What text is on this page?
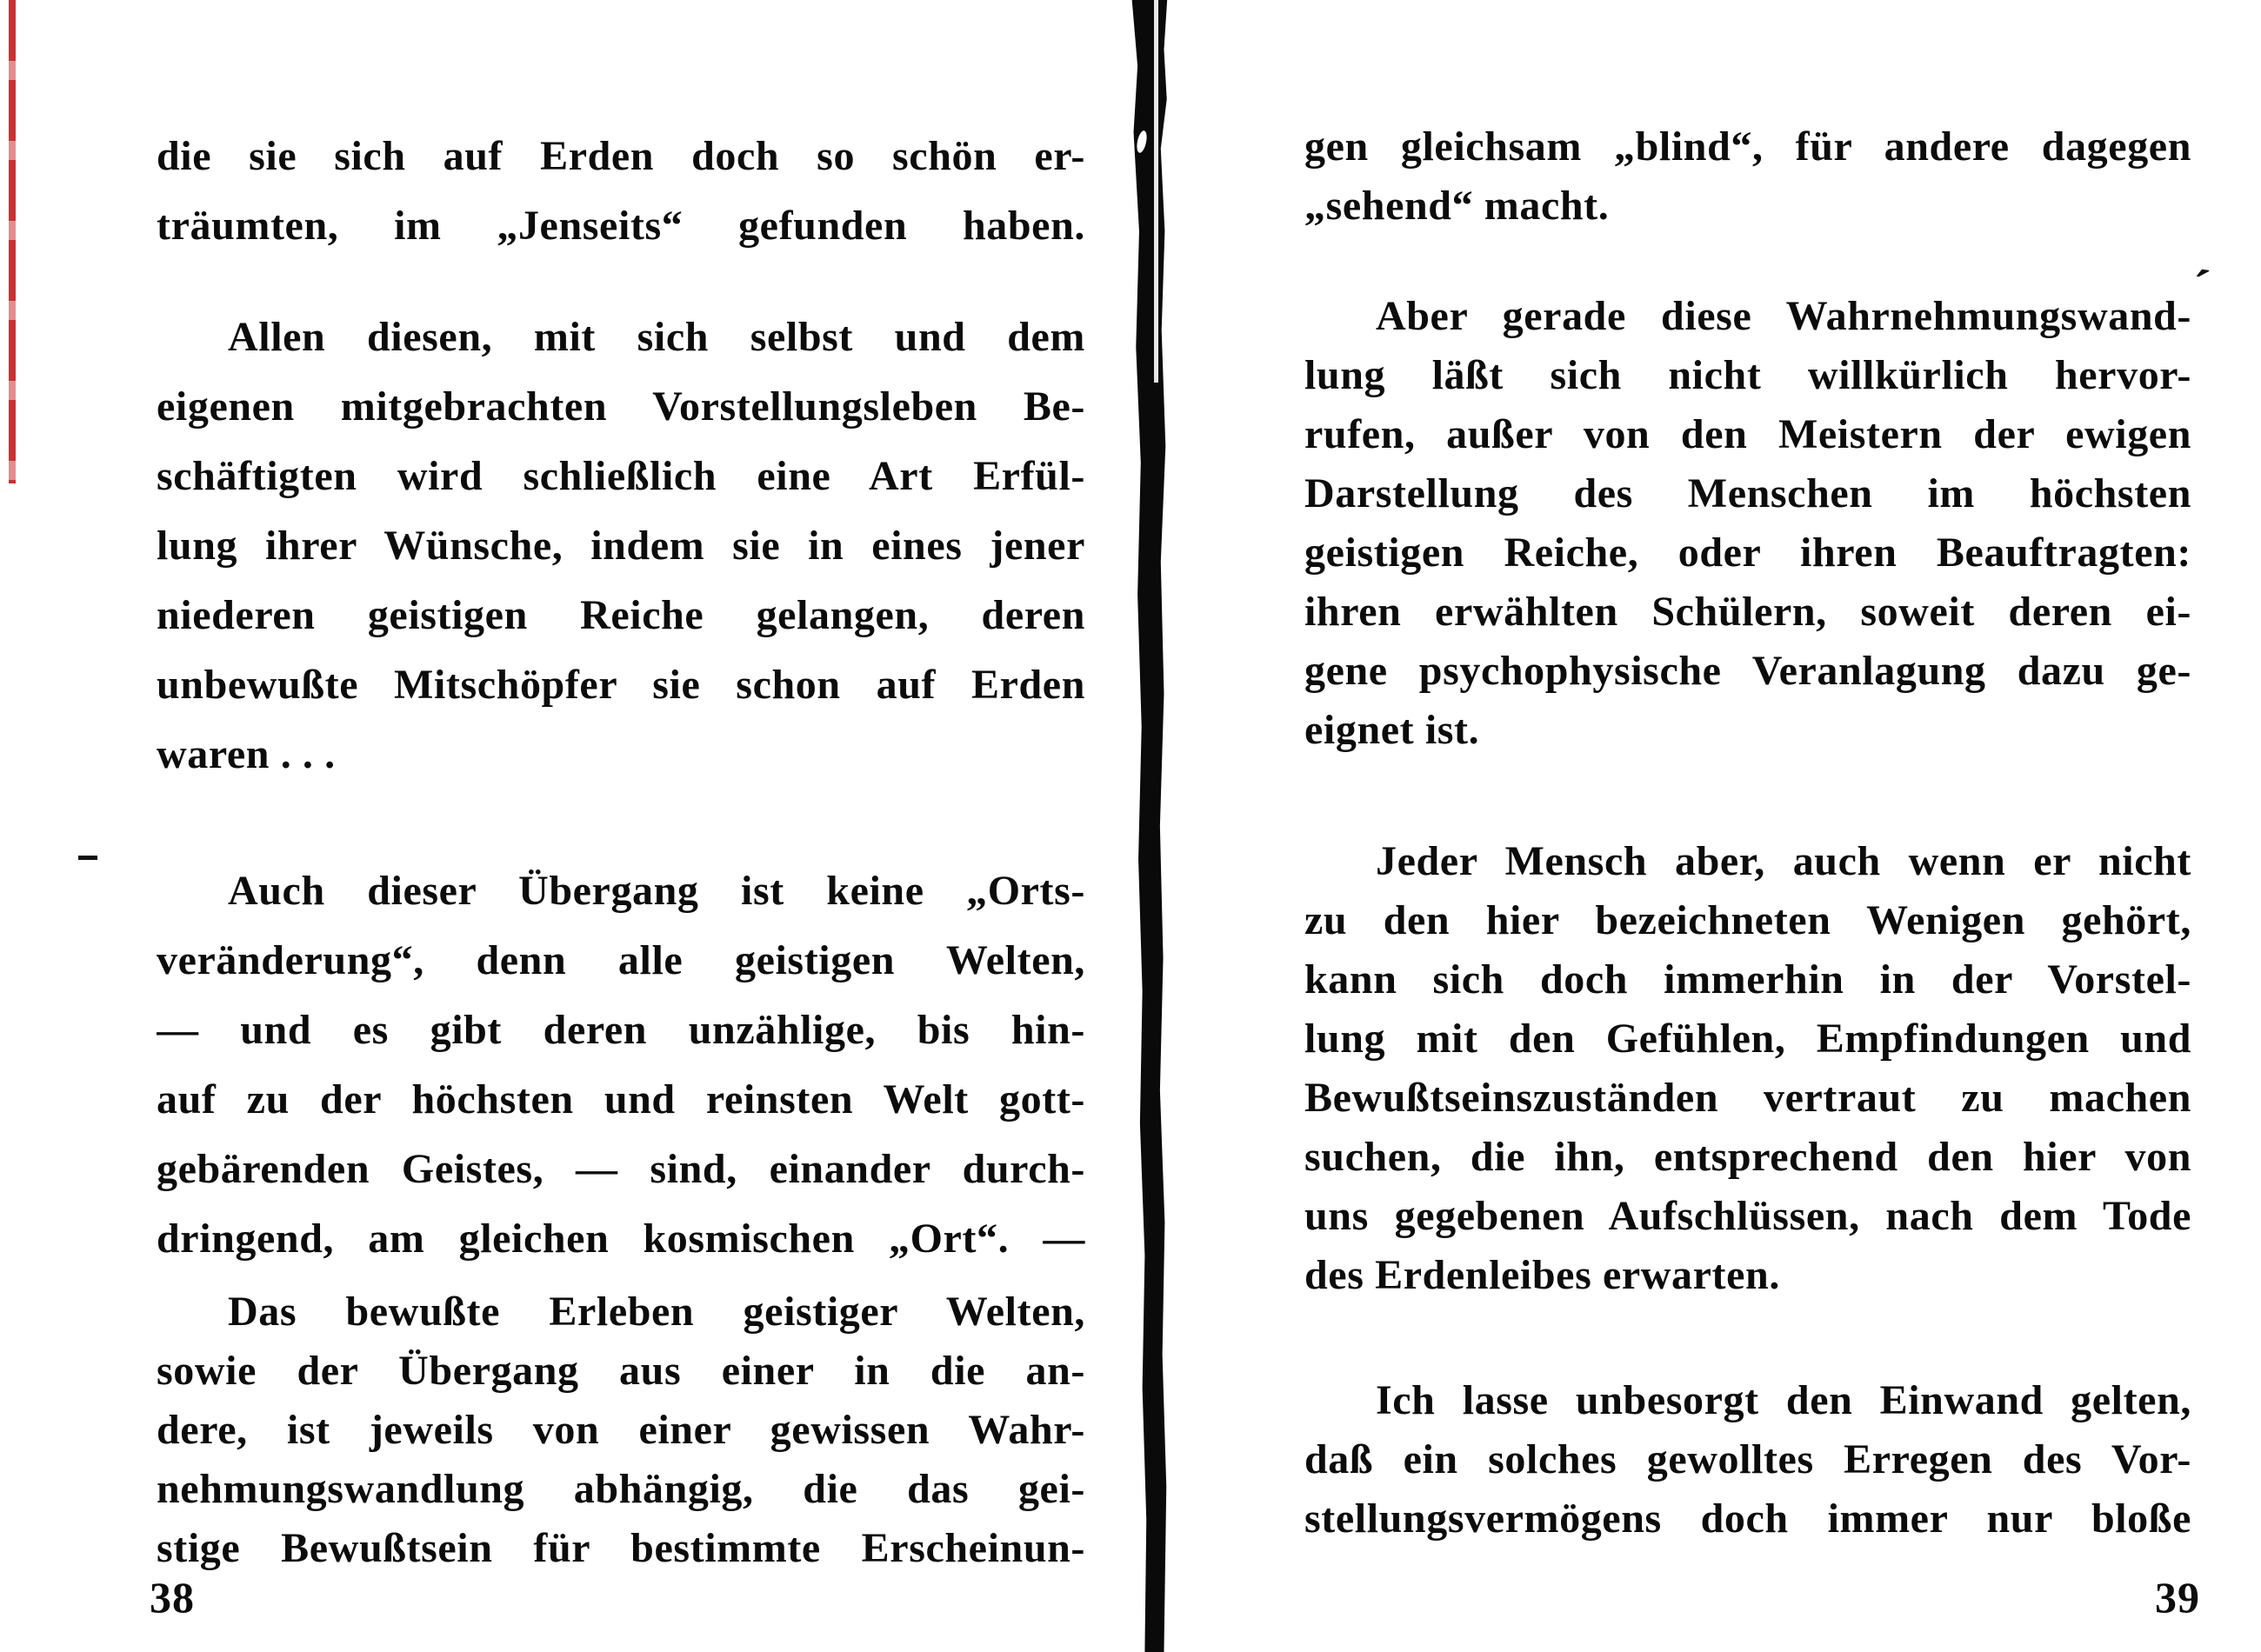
die sie sich auf Erden doch so schön er-
träumten, im „Jenseits“ gefunden haben.
Allen diesen, mit sich selbst und dem
eigenen mitgebrachten Vorstellungsleben Be-
schäftigten wird schließlich eine Art Erfül-
lung ihrer Wünsche, indem sie in eines jener
niederen geistigen Reiche gelangen, deren
unbewußte Mitschöpfer sie schon auf Erden
waren . . .
Auch dieser Übergang ist keine „Orts-
veränderung“, denn alle geistigen Welten,
— und es gibt deren unzählige, bis hin-
auf zu der höchsten und reinsten Welt gott-
gebärenden Geistes, — sind, einander durch-
dringend, am gleichen kosmischen „Ort“. —
Das bewußte Erleben geistiger Welten,
sowie der Übergang aus einer in die an-
dere, ist jeweils von einer gewissen Wahr-
nehmungswandlung abhängig, die das gei-
stige Bewußtsein für bestimmte Erscheinun-
gen gleichsam „blind“, für andere dagegen
„sehend“ macht.
Aber gerade diese Wahrnehmungswand-
lung läßt sich nicht willkürlich hervor-
rufen, außer von den Meistern der ewigen
Darstellung des Menschen im höchsten
geistigen Reiche, oder ihren Beauftragten:
ihren erwählten Schülern, soweit deren ei-
gene psychophysische Veranlagung dazu ge-
eignet ist.
Jeder Mensch aber, auch wenn er nicht
zu den hier bezeichneten Wenigen gehört,
kann sich doch immerhin in der Vorstel-
lung mit den Gefühlen, Empfindungen und
Bewußtseinszuständen vertraut zu machen
suchen, die ihn, entsprechend den hier von
uns gegebenen Aufschlüssen, nach dem Tode
des Erdenleibes erwarten.
Ich lasse unbesorgt den Einwand gelten,
daß ein solches gewolltes Erregen des Vor-
stellungsvermögens doch immer nur bloße
´
38	39
